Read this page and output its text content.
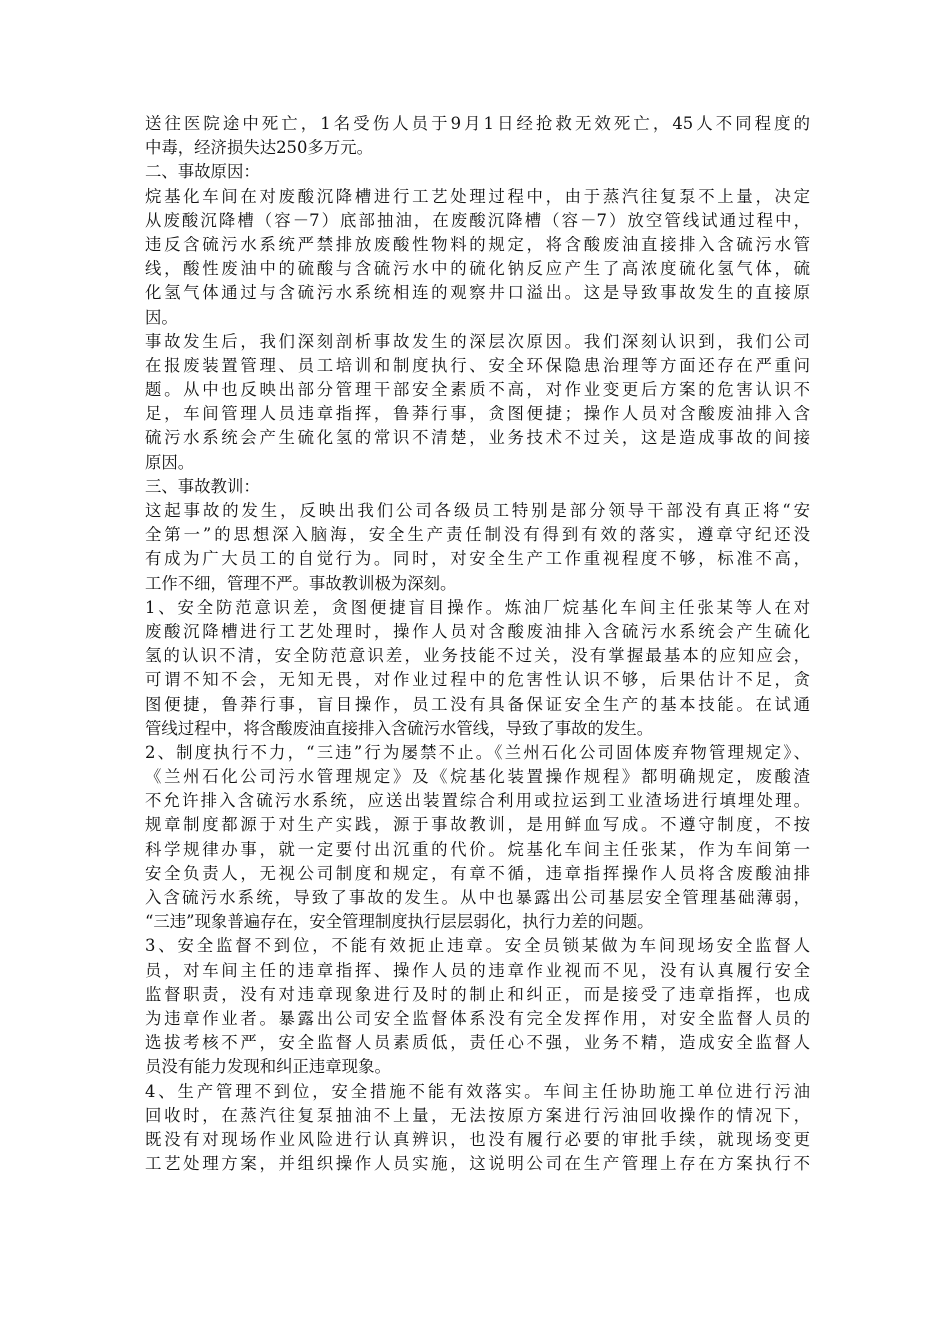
送往医院途中死亡，1名受伤人员于9月1日经抢救无效死亡，45人不同程度的
中毒，经济损失达250多万元。
二、事故原因：
烷基化车间在对废酸沉降槽进行工艺处理过程中，由于蒸汽往复泵不上量，决定
从废酸沉降槽（容－7）底部抽油，在废酸沉降槽（容－7）放空管线试通过程中，
违反含硫污水系统严禁排放废酸性物料的规定，将含酸废油直接排入含硫污水管
线，酸性废油中的硫酸与含硫污水中的硫化钠反应产生了高浓度硫化氢气体，硫
化氢气体通过与含硫污水系统相连的观察井口溢出。这是导致事故发生的直接原
因。
事故发生后，我们深刻剖析事故发生的深层次原因。我们深刻认识到，我们公司
在报废装置管理、员工培训和制度执行、安全环保隐患治理等方面还存在严重问
题。从中也反映出部分管理干部安全素质不高，对作业变更后方案的危害认识不
足，车间管理人员违章指挥，鲁莽行事，贪图便捷；操作人员对含酸废油排入含
硫污水系统会产生硫化氢的常识不清楚，业务技术不过关，这是造成事故的间接
原因。
三、事故教训：
这起事故的发生，反映出我们公司各级员工特别是部分领导干部没有真正将“安
全第一”的思想深入脑海，安全生产责任制没有得到有效的落实，遵章守纪还没
有成为广大员工的自觉行为。同时，对安全生产工作重视程度不够，标准不高，
工作不细，管理不严。事故教训极为深刻。
1、安全防范意识差，贪图便捷盲目操作。炼油厂烷基化车间主任张某等人在对
废酸沉降槽进行工艺处理时，操作人员对含酸废油排入含硫污水系统会产生硫化
氢的认识不清，安全防范意识差，业务技能不过关，没有掌握最基本的应知应会，
可谓不知不会，无知无畏，对作业过程中的危害性认识不够，后果估计不足，贪
图便捷，鲁莽行事，盲目操作，员工没有具备保证安全生产的基本技能。在试通
管线过程中，将含酸废油直接排入含硫污水管线，导致了事故的发生。
2、制度执行不力，“三违”行为屡禁不止。《兰州石化公司固体废弃物管理规定》、
《兰州石化公司污水管理规定》及《烷基化装置操作规程》都明确规定，废酸渣
不允许排入含硫污水系统，应送出装置综合利用或拉运到工业渣场进行填埋处理。
规章制度都源于对生产实践，源于事故教训，是用鲜血写成。不遵守制度，不按
科学规律办事，就一定要付出沉重的代价。烷基化车间主任张某，作为车间第一
安全负责人，无视公司制度和规定，有章不循，违章指挥操作人员将含废酸油排
入含硫污水系统，导致了事故的发生。从中也暴露出公司基层安全管理基础薄弱，
“三违”现象普遍存在，安全管理制度执行层层弱化，执行力差的问题。
3、安全监督不到位，不能有效扼止违章。安全员锁某做为车间现场安全监督人
员，对车间主任的违章指挥、操作人员的违章作业视而不见，没有认真履行安全
监督职责，没有对违章现象进行及时的制止和纠正，而是接受了违章指挥，也成
为违章作业者。暴露出公司安全监督体系没有完全发挥作用，对安全监督人员的
选拔考核不严，安全监督人员素质低，责任心不强，业务不精，造成安全监督人
员没有能力发现和纠正违章现象。
4、生产管理不到位，安全措施不能有效落实。车间主任协助施工单位进行污油
回收时，在蒸汽往复泵抽油不上量，无法按原方案进行污油回收操作的情况下，
既没有对现场作业风险进行认真辨识，也没有履行必要的审批手续，就现场变更
工艺处理方案，并组织操作人员实施，这说明公司在生产管理上存在方案执行不
